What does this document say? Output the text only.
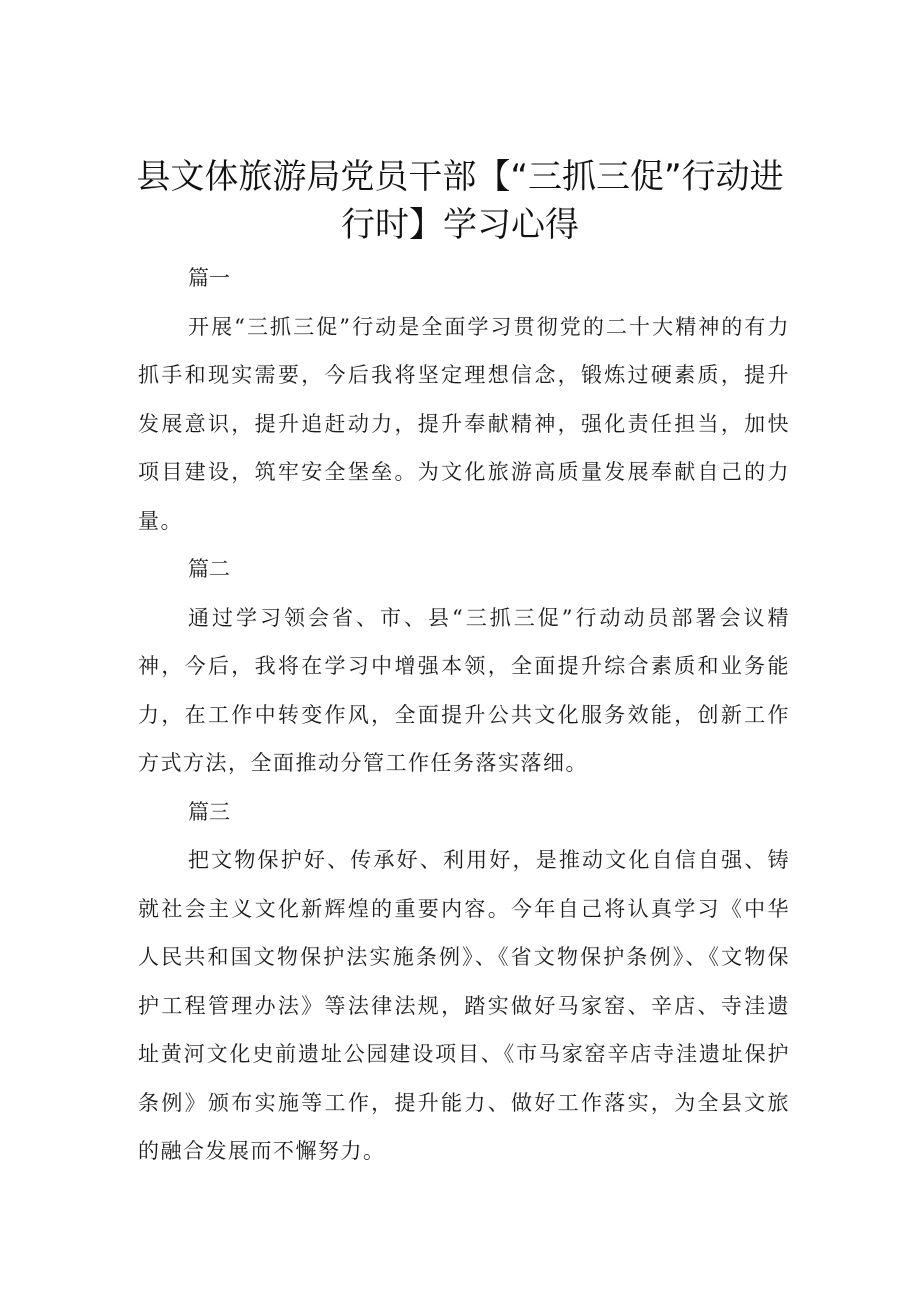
县文体旅游局党员干部【“三抓三促”行动进
行时】学习心得

篇一

开展“三抓三促”行动是全面学习贯彻党的二十大精神的有力抓手和现实需要，今后我将坚定理想信念，锻炼过硬素质，提升发展意识，提升追赶动力，提升奉献精神，强化责任担当，加快项目建设，筑牢安全堡垒。为文化旅游高质量发展奉献自己的力量。

篇二

通过学习领会省、市、县“三抓三促”行动动员部署会议精神，今后，我将在学习中增强本领，全面提升综合素质和业务能力，在工作中转变作风，全面提升公共文化服务效能，创新工作方式方法，全面推动分管工作任务落实落细。

篇三

把文物保护好、传承好、利用好，是推动文化自信自强、铸就社会主义文化新辉煌的重要内容。今年自己将认真学习《中华人民共和国文物保护法实施条例》、《省文物保护条例》、《文物保护工程管理办法》等法律法规，踏实做好马家窑、辛店、寺洼遗址黄河文化史前遗址公园建设项目、《市马家窑辛店寺洼遗址保护条例》颁布实施等工作，提升能力、做好工作落实，为全县文旅的融合发展而不懈努力。
